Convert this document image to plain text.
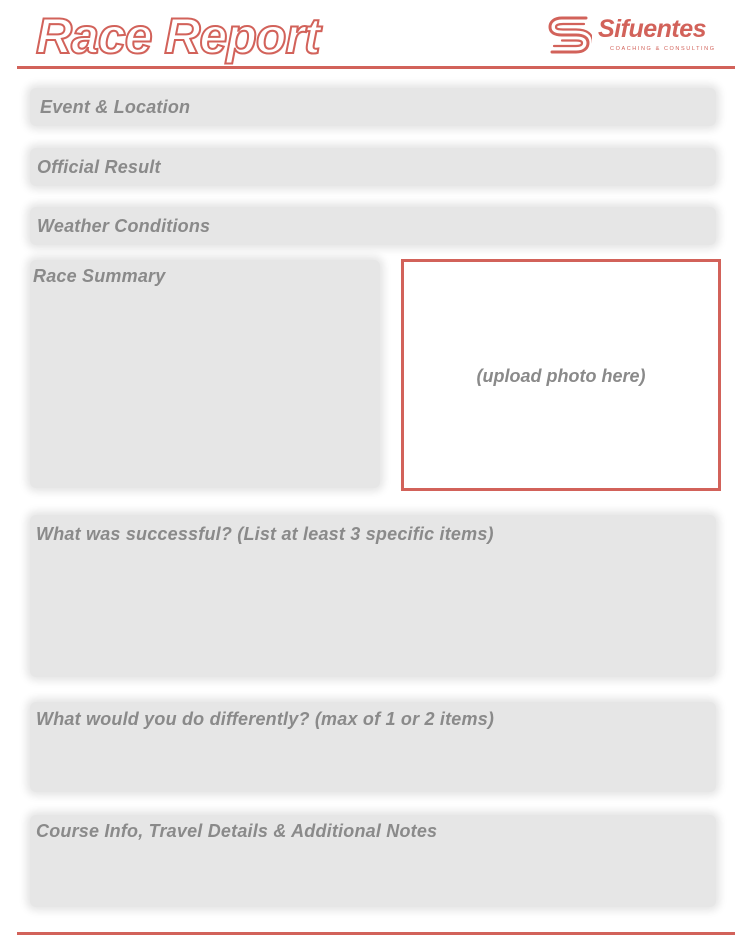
Race Report	Sifuentes
COACHING & CONSULTING
Event & Location
Official Result
Weather Conditions
Race Summary
(upload photo here)
What was successful? (List at least 3 specific items)
What would you do differently? (max of 1 or 2 items)
Course Info, Travel Details & Additional Notes
